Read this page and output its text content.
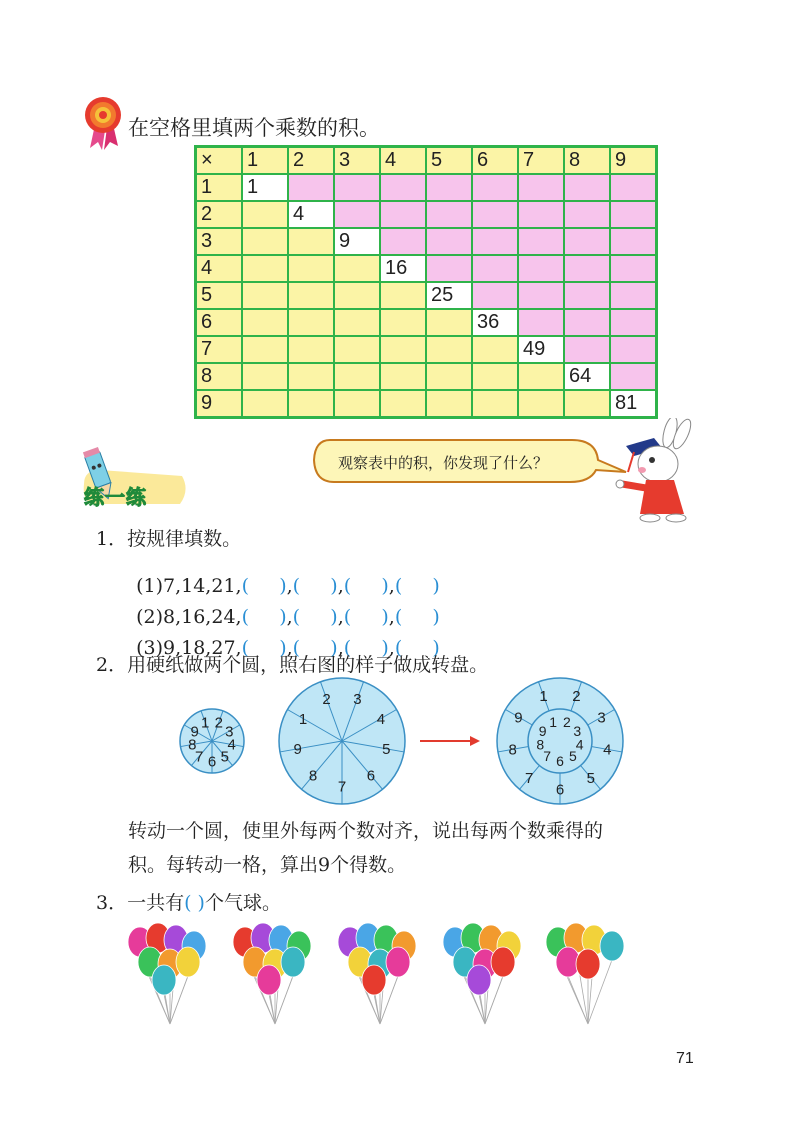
在空格里填两个乘数的积。
×	1	2	3	4	5	6	7	8	9
1	1								
2		4							
3			9						
4				16					
5					25				
6						36			
7							49		
8								64	
9									81
观察表中的积，你发现了什么？
练一练
1．按规律填数。

(1)7,14,21,(     ),(     ),(     ),(     )

(2)8,16,24,(     ),(     ),(     ),(     )

(3)9,18,27,(     ),(     ),(     ),(     )

2．用硬纸做两个圆，照右图的样子做成转盘。
1 2
3
4
5
6
7
8
9
1
2 3
4
5
6
7
8
9
1 2
3
4
5
6
7
8
9 1 2
3
4
5
6
7
8
9
转动一个圆，使里外每两个数对齐，说出每两个数乘得的
积。每转动一格，算出9个得数。
3．一共有( )个气球。
71
